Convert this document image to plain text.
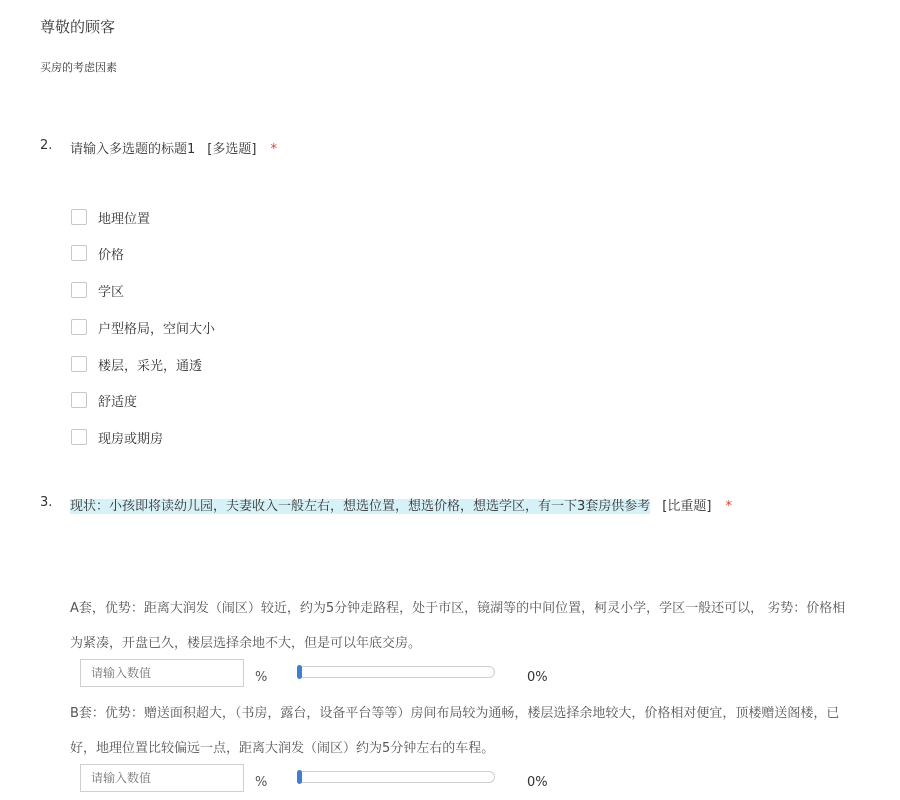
尊敬的顾客
买房的考虑因素
2. 请输入多选题的标题1 [多选题] *
地理位置
价格
学区
户型格局，空间大小
楼层，采光，通透
舒适度
现房或期房
3. 现状：小孩即将读幼儿园，夫妻收入一般左右，想选位置，想选价格，想选学区，有一下3套房供参考 [比重题] *
A套，优势：距离大润发（闹区）较近，约为5分钟走路程，处于市区，镜湖等的中间位置，柯灵小学，学区一般还可以， 劣势：价格相
为紧凑，开盘已久，楼层选择余地不大，但是可以年底交房。
请输入数值
%	0%
B套：优势：赠送面积超大，（书房，露台，设备平台等等）房间布局较为通畅，楼层选择余地较大，价格相对便宜，顶楼赠送阁楼，已
好，地理位置比较偏远一点，距离大润发（闹区）约为5分钟左右的车程。
请输入数值
%	0%
